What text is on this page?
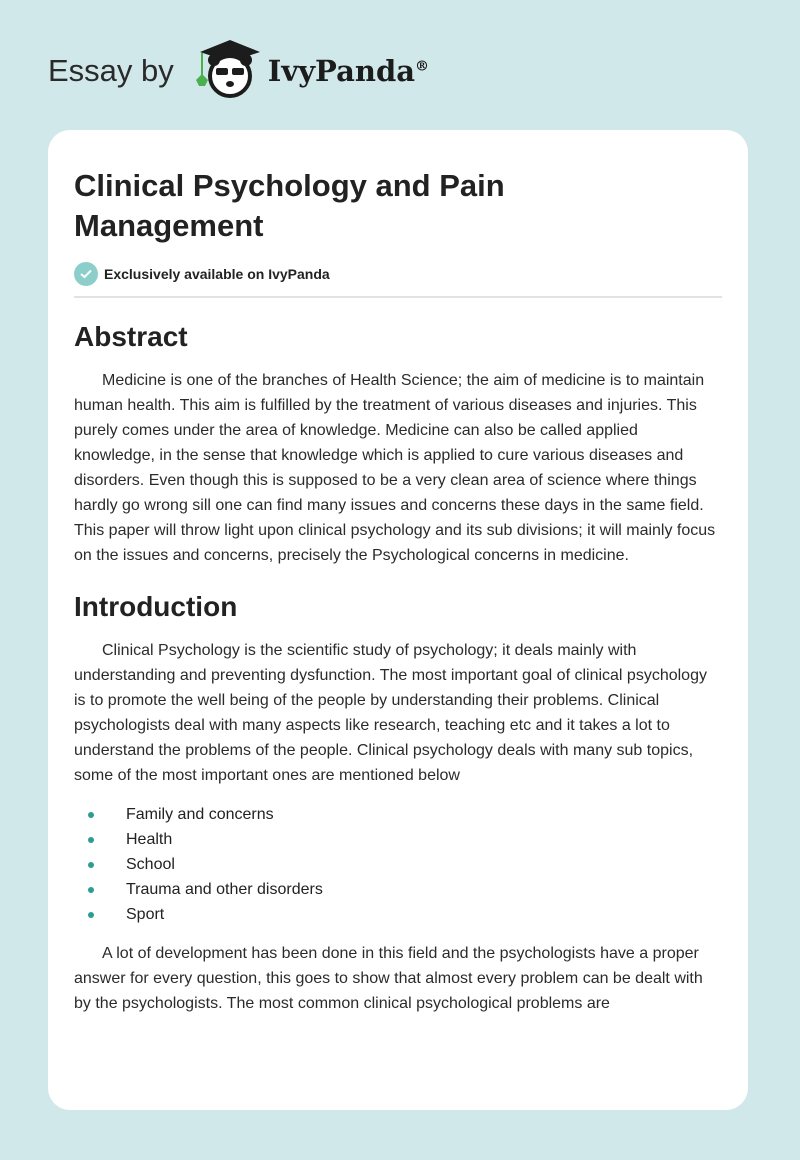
Essay by	IvyPanda®
Clinical Psychology and Pain Management
Exclusively available on IvyPanda
Abstract

Medicine is one of the branches of Health Science; the aim of medicine is to maintain human health. This aim is fulfilled by the treatment of various diseases and injuries. This purely comes under the area of knowledge. Medicine can also be called applied knowledge, in the sense that knowledge which is applied to cure various diseases and disorders. Even though this is supposed to be a very clean area of science where things hardly go wrong sill one can find many issues and concerns these days in the same field. This paper will throw light upon clinical psychology and its sub divisions; it will mainly focus on the issues and concerns, precisely the Psychological concerns in medicine.

Introduction

Clinical Psychology is the scientific study of psychology; it deals mainly with understanding and preventing dysfunction. The most important goal of clinical psychology is to promote the well being of the people by understanding their problems. Clinical psychologists deal with many aspects like research, teaching etc and it takes a lot to understand the problems of the people. Clinical psychology deals with many sub topics, some of the most important ones are mentioned below

Family and concerns
Health
School
Trauma and other disorders
Sport

A lot of development has been done in this field and the psychologists have a proper answer for every question, this goes to show that almost every problem can be dealt with by the psychologists. The most common clinical psychological problems are
